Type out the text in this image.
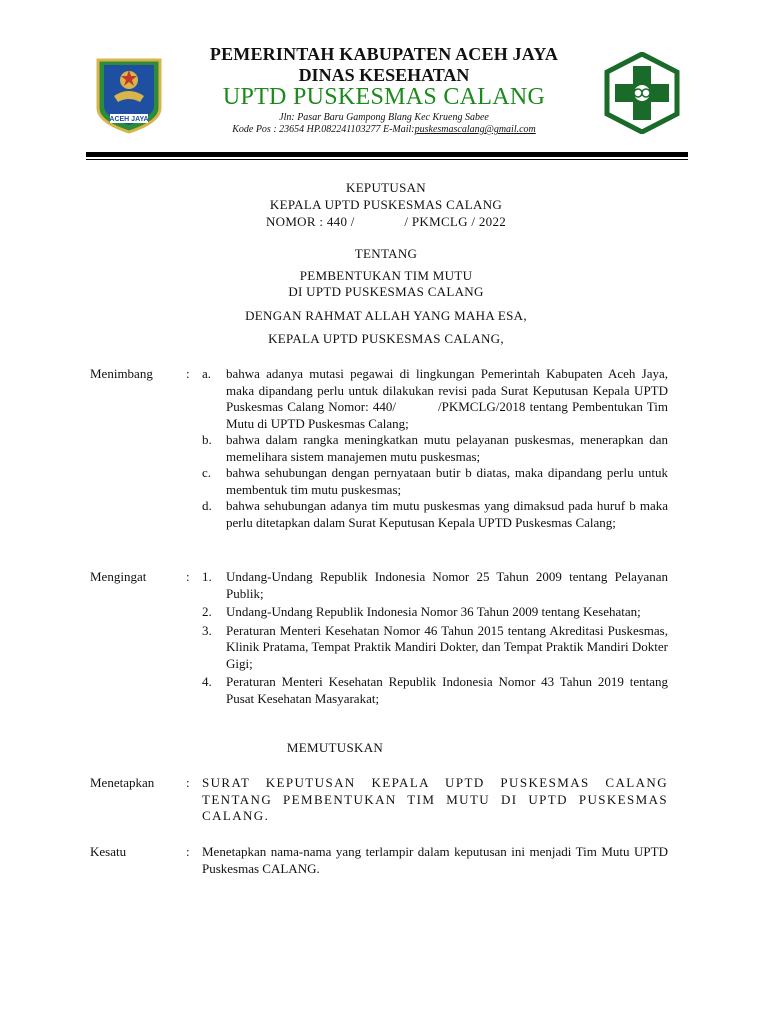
ACEH JAYA
PEMERINTAH KABUPATEN ACEH JAYA
DINAS KESEHATAN
UPTD PUSKESMAS CALANG
Jln: Pasar Baru Gampong Blang Kec Krueng Sabee
Kode Pos : 23654 HP.082241103277 E-Mail:puskesmascalang@gmail.com
KEPUTUSAN
KEPALA UPTD PUSKESMAS CALANG
NOMOR : 440 /              / PKMCLG / 2022
TENTANG
PEMBENTUKAN TIM MUTU
DI UPTD PUSKESMAS CALANG
DENGAN RAHMAT ALLAH YANG MAHA ESA,
KEPALA UPTD PUSKESMAS CALANG,
Menimbang	: a. bahwa adanya mutasi pegawai di lingkungan Pemerintah Kabupaten Aceh Jaya, maka dipandang perlu untuk dilakukan revisi pada Surat Keputusan Kepala UPTD Puskesmas Calang Nomor: 440/          /PKMCLG/2018 tentang Pembentukan Tim Mutu di UPTD Puskesmas Calang;
b. bahwa dalam rangka meningkatkan mutu pelayanan puskesmas, menerapkan dan memelihara sistem manajemen mutu puskesmas;
c. bahwa sehubungan dengan pernyataan butir b diatas, maka dipandang perlu untuk membentuk tim mutu puskesmas;
d. bahwa sehubungan adanya tim mutu puskesmas yang dimaksud pada huruf b maka perlu ditetapkan dalam Surat Keputusan Kepala UPTD Puskesmas Calang;
Mengingat	: 1. Undang-Undang Republik Indonesia Nomor 25 Tahun 2009 tentang Pelayanan Publik;
2. Undang-Undang Republik Indonesia Nomor 36 Tahun 2009 tentang Kesehatan;
3. Peraturan Menteri Kesehatan Nomor 46 Tahun 2015 tentang Akreditasi Puskesmas, Klinik Pratama, Tempat Praktik Mandiri Dokter, dan Tempat Praktik Mandiri Dokter Gigi;
4. Peraturan Menteri Kesehatan Republik Indonesia Nomor 43 Tahun 2019 tentang Pusat Kesehatan Masyarakat;
MEMUTUSKAN
Menetapkan : SURAT KEPUTUSAN KEPALA UPTD PUSKESMAS CALANG TENTANG PEMBENTUKAN TIM MUTU DI UPTD PUSKESMAS CALANG.
Kesatu	: Menetapkan nama-nama yang terlampir dalam keputusan ini menjadi Tim Mutu UPTD Puskesmas CALANG.
